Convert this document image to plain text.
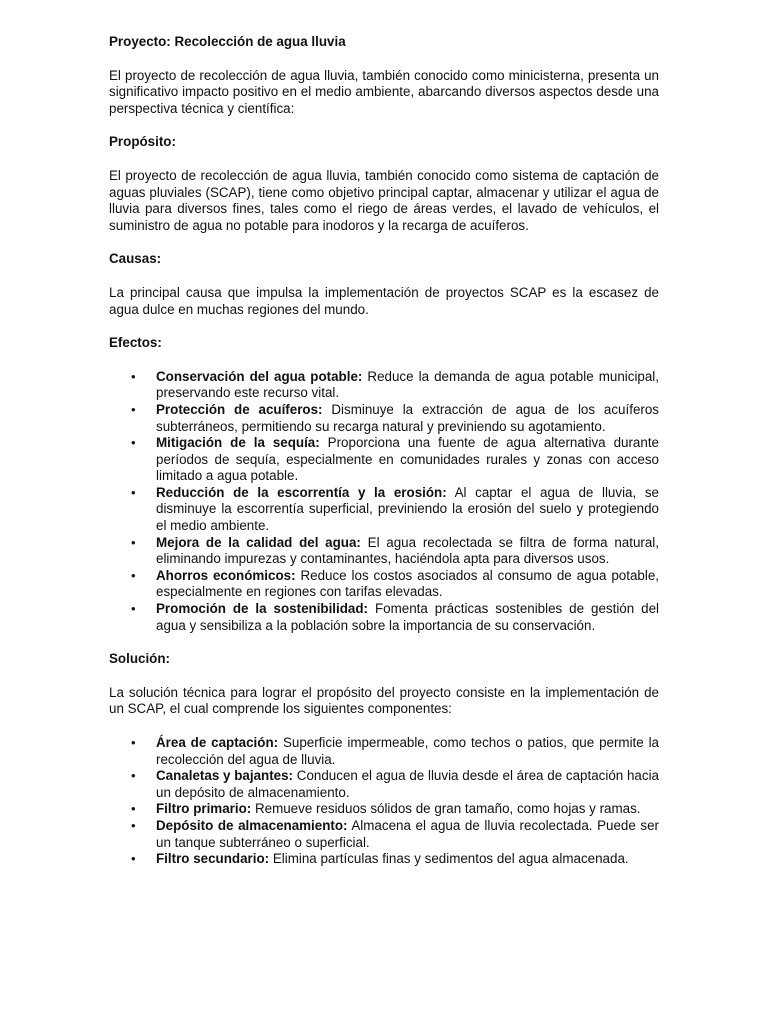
Proyecto: Recolección de agua lluvia

El proyecto de recolección de agua lluvia, también conocido como minicisterna, presenta un significativo impacto positivo en el medio ambiente, abarcando diversos aspectos desde una perspectiva técnica y científica:

Propósito:

El proyecto de recolección de agua lluvia, también conocido como sistema de captación de aguas pluviales (SCAP), tiene como objetivo principal captar, almacenar y utilizar el agua de lluvia para diversos fines, tales como el riego de áreas verdes, el lavado de vehículos, el suministro de agua no potable para inodoros y la recarga de acuíferos.

Causas:

La principal causa que impulsa la implementación de proyectos SCAP es la escasez de agua dulce en muchas regiones del mundo.

Efectos:

• Conservación del agua potable: Reduce la demanda de agua potable municipal, preservando este recurso vital.
• Protección de acuíferos: Disminuye la extracción de agua de los acuíferos subterráneos, permitiendo su recarga natural y previniendo su agotamiento.
• Mitigación de la sequía: Proporciona una fuente de agua alternativa durante períodos de sequía, especialmente en comunidades rurales y zonas con acceso limitado a agua potable.
• Reducción de la escorrentía y la erosión: Al captar el agua de lluvia, se disminuye la escorrentía superficial, previniendo la erosión del suelo y protegiendo el medio ambiente.
• Mejora de la calidad del agua: El agua recolectada se filtra de forma natural, eliminando impurezas y contaminantes, haciéndola apta para diversos usos.
• Ahorros económicos: Reduce los costos asociados al consumo de agua potable, especialmente en regiones con tarifas elevadas.
• Promoción de la sostenibilidad: Fomenta prácticas sostenibles de gestión del agua y sensibiliza a la población sobre la importancia de su conservación.

Solución:

La solución técnica para lograr el propósito del proyecto consiste en la implementación de un SCAP, el cual comprende los siguientes componentes:

• Área de captación: Superficie impermeable, como techos o patios, que permite la recolección del agua de lluvia.
• Canaletas y bajantes: Conducen el agua de lluvia desde el área de captación hacia un depósito de almacenamiento.
• Filtro primario: Remueve residuos sólidos de gran tamaño, como hojas y ramas.
• Depósito de almacenamiento: Almacena el agua de lluvia recolectada. Puede ser un tanque subterráneo o superficial.
• Filtro secundario: Elimina partículas finas y sedimentos del agua almacenada.
